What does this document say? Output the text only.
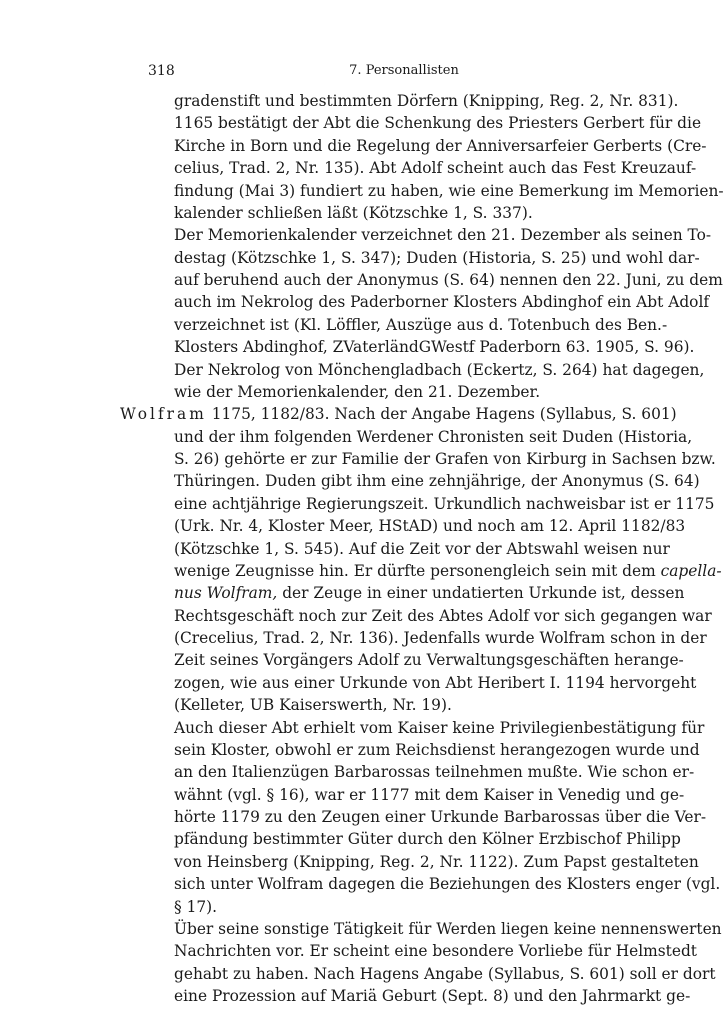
318	7. Personallisten
gradenstift und bestimmten Dörfern (Knipping, Reg. 2, Nr. 831).
1165 bestätigt der Abt die Schenkung des Priesters Gerbert für die
Kirche in Born und die Regelung der Anniversarfeier Gerberts (Cre-
celius, Trad. 2, Nr. 135). Abt Adolf scheint auch das Fest Kreuzauf-
findung (Mai 3) fundiert zu haben, wie eine Bemerkung im Memorien-
kalender schließen läßt (Kötzschke 1, S. 337).
Der Memorienkalender verzeichnet den 21. Dezember als seinen To-
destag (Kötzschke 1, S. 347); Duden (Historia, S. 25) und wohl dar-
auf beruhend auch der Anonymus (S. 64) nennen den 22. Juni, zu dem
auch im Nekrolog des Paderborner Klosters Abdinghof ein Abt Adolf
verzeichnet ist (Kl. Löffler, Auszüge aus d. Totenbuch des Ben.-
Klosters Abdinghof, ZVaterländGWestf Paderborn 63. 1905, S. 96).
Der Nekrolog von Mönchengladbach (Eckertz, S. 264) hat dagegen,
wie der Memorienkalender, den 21. Dezember.
Wolfram 1175, 1182/83. Nach der Angabe Hagens (Syllabus, S. 601)
und der ihm folgenden Werdener Chronisten seit Duden (Historia,
S. 26) gehörte er zur Familie der Grafen von Kirburg in Sachsen bzw.
Thüringen. Duden gibt ihm eine zehnjährige, der Anonymus (S. 64)
eine achtjährige Regierungszeit. Urkundlich nachweisbar ist er 1175
(Urk. Nr. 4, Kloster Meer, HStAD) und noch am 12. April 1182/83
(Kötzschke 1, S. 545). Auf die Zeit vor der Abtswahl weisen nur
wenige Zeugnisse hin. Er dürfte personengleich sein mit dem capella-
nus Wolfram, der Zeuge in einer undatierten Urkunde ist, dessen
Rechtsgeschäft noch zur Zeit des Abtes Adolf vor sich gegangen war
(Crecelius, Trad. 2, Nr. 136). Jedenfalls wurde Wolfram schon in der
Zeit seines Vorgängers Adolf zu Verwaltungsgeschäften herange-
zogen, wie aus einer Urkunde von Abt Heribert I. 1194 hervorgeht
(Kelleter, UB Kaiserswerth, Nr. 19).
Auch dieser Abt erhielt vom Kaiser keine Privilegienbestätigung für
sein Kloster, obwohl er zum Reichsdienst herangezogen wurde und
an den Italienzügen Barbarossas teilnehmen mußte. Wie schon er-
wähnt (vgl. § 16), war er 1177 mit dem Kaiser in Venedig und ge-
hörte 1179 zu den Zeugen einer Urkunde Barbarossas über die Ver-
pfändung bestimmter Güter durch den Kölner Erzbischof Philipp
von Heinsberg (Knipping, Reg. 2, Nr. 1122). Zum Papst gestalteten
sich unter Wolfram dagegen die Beziehungen des Klosters enger (vgl.
§ 17).
Über seine sonstige Tätigkeit für Werden liegen keine nennenswerten
Nachrichten vor. Er scheint eine besondere Vorliebe für Helmstedt
gehabt zu haben. Nach Hagens Angabe (Syllabus, S. 601) soll er dort
eine Prozession auf Mariä Geburt (Sept. 8) und den Jahrmarkt ge-
